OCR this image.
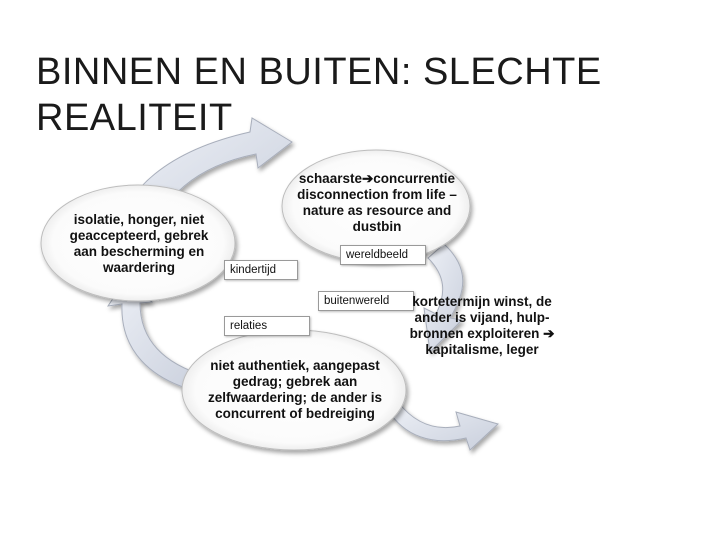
BINNEN EN BUITEN: SLECHTE REALITEIT
schaarste➔concurrentie disconnection from life – nature as resource and dustbin
isolatie, honger, niet geaccepteerd, gebrek aan bescherming en waardering
niet authentiek, aangepast gedrag; gebrek aan zelfwaardering; de ander is concurrent of bedreiging
kindertijd
wereldbeeld
buitenwereld
relaties
kortetermijn winst, de ander is vijand, hulp-bronnen exploiteren ➔ kapitalisme, leger
